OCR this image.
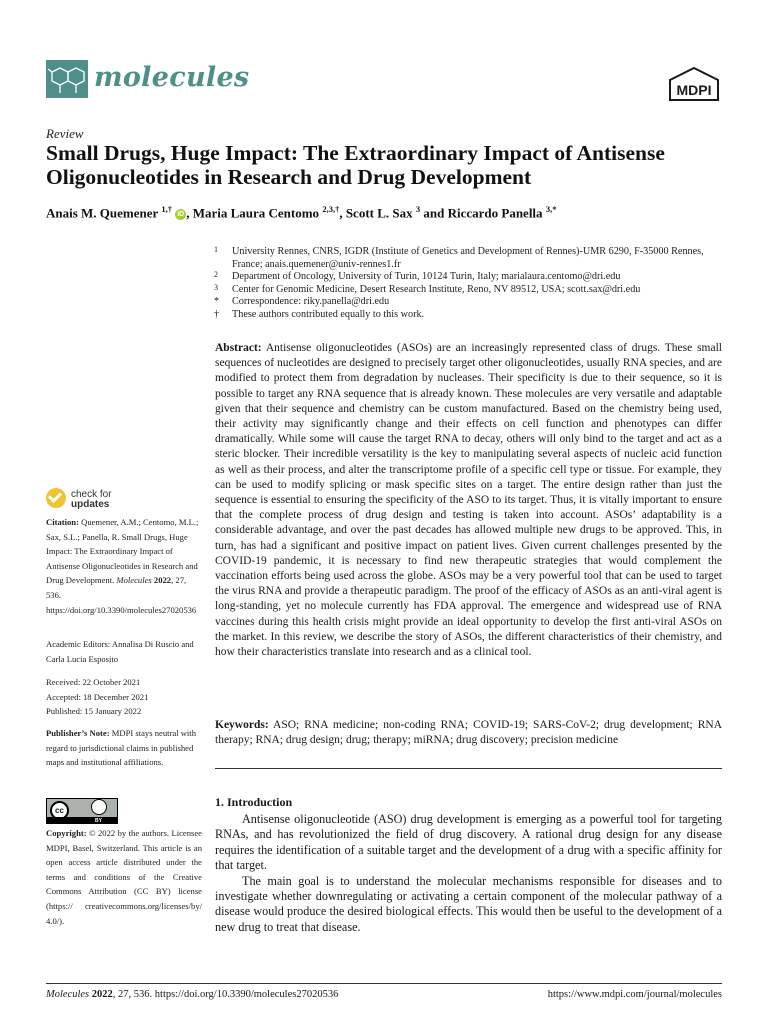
molecules	MDPI
Review
Small Drugs, Huge Impact: The Extraordinary Impact of Antisense Oligonucleotides in Research and Drug Development
Anais M. Quemener $^{1,\dagger}$ iD , Maria Laura Centomo $^{2,3,\dagger}$, Scott L. Sax $^3$ and Riccardo Panella $^{3,*}$
1 University Rennes, CNRS, IGDR (Institute of Genetics and Development of Rennes)-UMR 6290, F-35000 Rennes, France; anais.quemener@univ-rennes1.fr
2 Department of Oncology, University of Turin, 10124 Turin, Italy; marialaura.centomo@dri.edu
3 Center for Genomic Medicine, Desert Research Institute, Reno, NV 89512, USA; scott.sax@dri.edu
* Correspondence: riky.panella@dri.edu
† These authors contributed equally to this work.
Abstract: Antisense oligonucleotides (ASOs) are an increasingly represented class of drugs. These small sequences of nucleotides are designed to precisely target other oligonucleotides, usually RNA species, and are modified to protect them from degradation by nucleases. Their specificity is due to their sequence, so it is possible to target any RNA sequence that is already known. These molecules are very versatile and adaptable given that their sequence and chemistry can be custom manufactured. Based on the chemistry being used, their activity may significantly change and their effects on cell function and phenotypes can differ dramatically. While some will cause the target RNA to decay, others will only bind to the target and act as a steric blocker. Their incredible versatility is the key to manipulating several aspects of nucleic acid function as well as their process, and alter the transcriptome profile of a specific cell type or tissue. For example, they can be used to modify splicing or mask specific sites on a target. The entire design rather than just the sequence is essential to ensuring the specificity of the ASO to its target. Thus, it is vitally important to ensure that the complete process of drug design and testing is taken into account. ASOs’ adaptability is a considerable advantage, and over the past decades has allowed multiple new drugs to be approved. This, in turn, has had a significant and positive impact on patient lives. Given current challenges presented by the COVID-19 pandemic, it is necessary to find new therapeutic strategies that would complement the vaccination efforts being used across the globe. ASOs may be a very powerful tool that can be used to target the virus RNA and provide a therapeutic paradigm. The proof of the efficacy of ASOs as an anti-viral agent is long-standing, yet no molecule currently has FDA approval. The emergence and widespread use of RNA vaccines during this health crisis might provide an ideal opportunity to develop the first anti-viral ASOs on the market. In this review, we describe the story of ASOs, the different characteristics of their chemistry, and how their characteristics translate into research and as a clinical tool.
Keywords: ASO; RNA medicine; non-coding RNA; COVID-19; SARS-CoV-2; drug development; RNA therapy; RNA; drug design; drug; therapy; miRNA; drug discovery; precision medicine
1. Introduction

Antisense oligonucleotide (ASO) drug development is emerging as a powerful tool for targeting RNAs, and has revolutionized the field of drug discovery. A rational drug design for any disease requires the identification of a suitable target and the development of a drug with a specific affinity for that target.

The main goal is to understand the molecular mechanisms responsible for diseases and to investigate whether downregulating or activating a certain component of the molecular pathway of a disease would produce the desired biological effects. This would then be useful to the development of a new drug to treat that disease.

check for
updates
Citation: Quemener, A.M.; Centomo, M.L.; Sax, S.L.; Panella, R. Small Drugs, Huge Impact: The Extraordinary Impact of Antisense Oligonucleotides in Research and Drug Development. Molecules 2022, 27, 536. https://doi.org/10.3390/molecules27020536
Academic Editors: Annalisa Di Ruscio and Carla Lucia Esposito
Received: 22 October 2021
Accepted: 18 December 2021
Published: 15 January 2022
Publisher’s Note: MDPI stays neutral with regard to jurisdictional claims in published maps and institutional affiliations.
cc
BY
Copyright: © 2022 by the authors. Licensee MDPI, Basel, Switzerland. This article is an open access article distributed under the terms and conditions of the Creative Commons Attribution (CC BY) license (https:// creativecommons.org/licenses/by/ 4.0/).
Molecules 2022, 27, 536. https://doi.org/10.3390/molecules27020536	https://www.mdpi.com/journal/molecules
